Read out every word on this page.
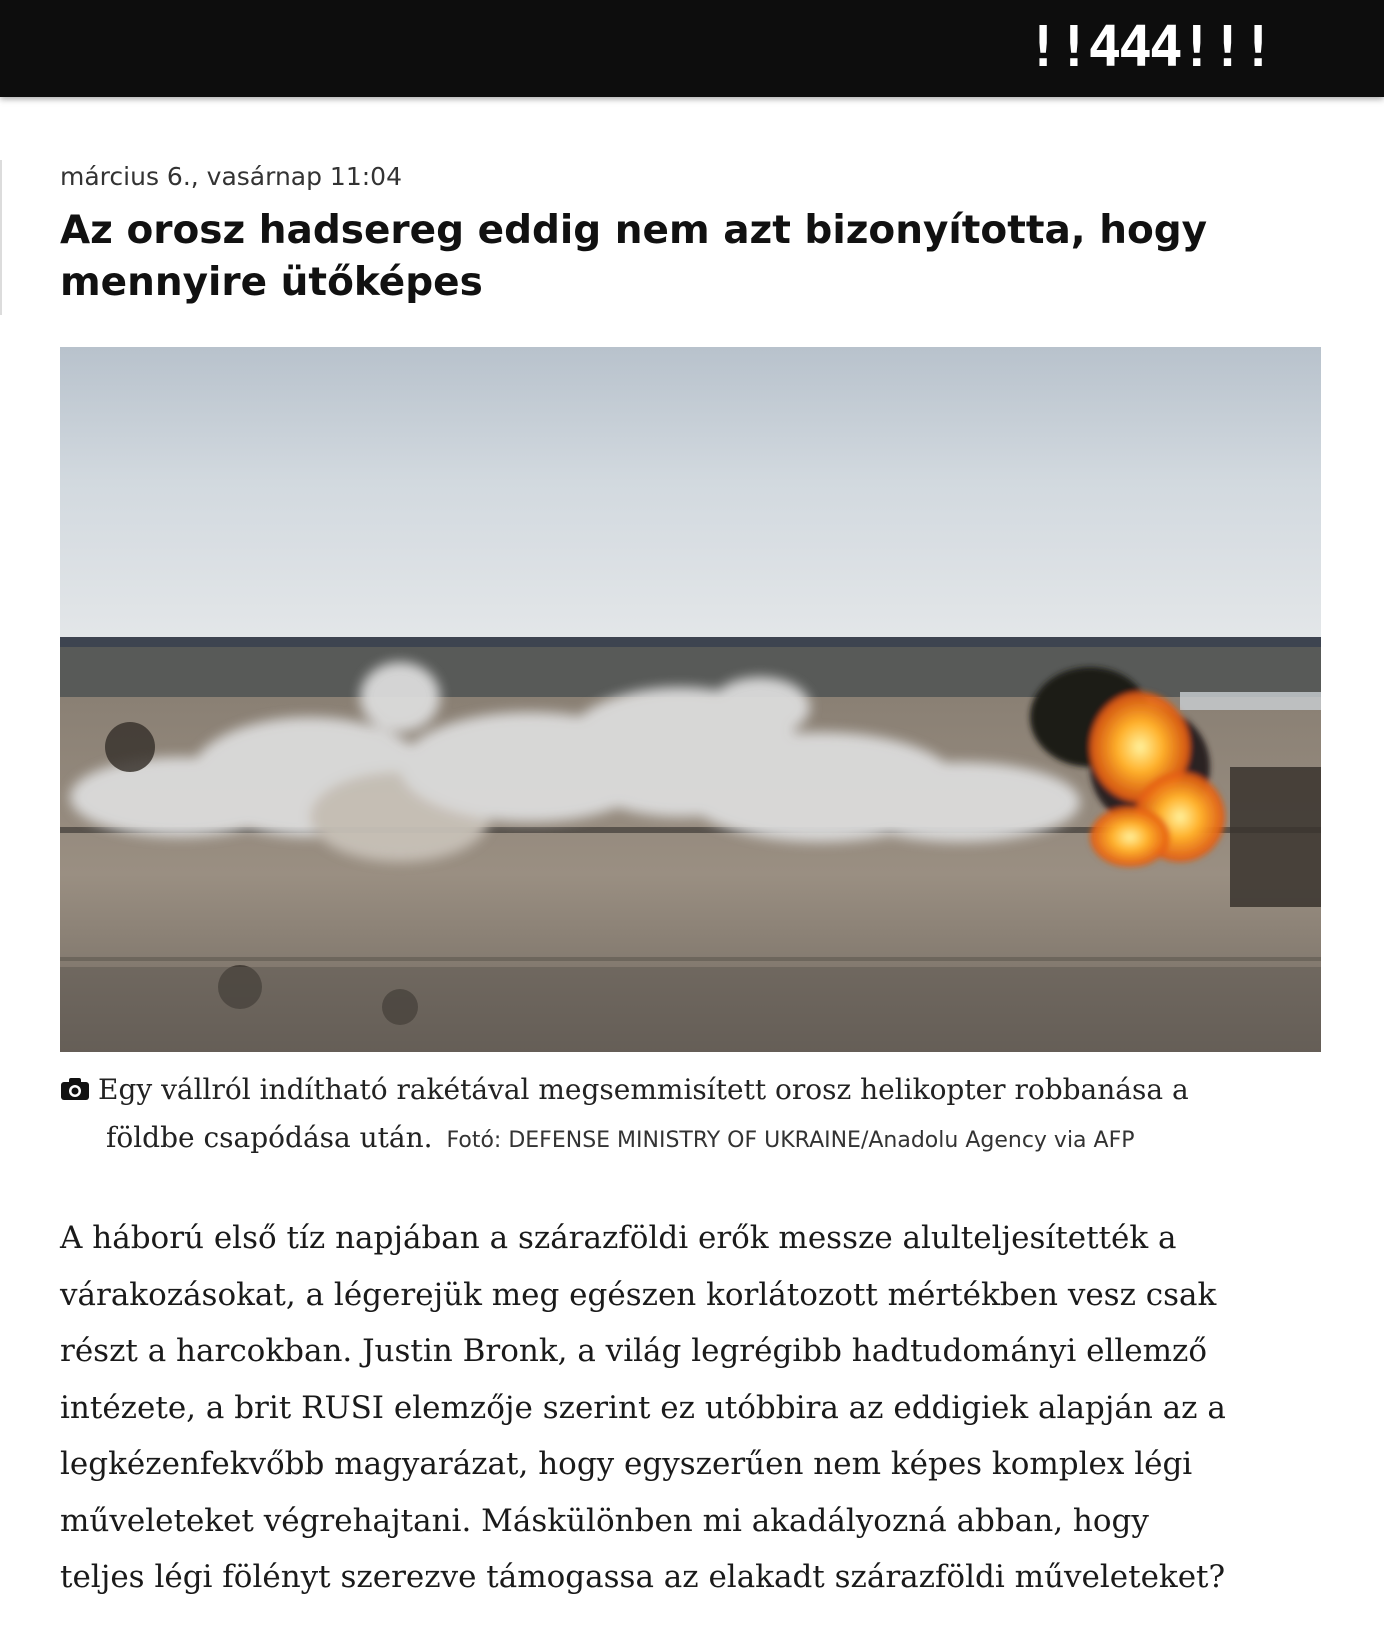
!!444!!!
március 6., vasárnap 11:04
Az orosz hadsereg eddig nem azt bizonyította, hogy mennyire ütőképes
Egy vállról indítható rakétával megsemmisített orosz helikopter robbanása a
földbe csapódása után. Fotó: DEFENSE MINISTRY OF UKRAINE/Anadolu Agency via AFP

A háború első tíz napjában a szárazföldi erők messze alulteljesítették a
várakozásokat, a légerejük meg egészen korlátozott mértékben vesz csak
részt a harcokban. Justin Bronk, a világ legrégibb hadtudományi ellemző
intézete, a brit RUSI elemzője szerint ez utóbbira az eddigiek alapján az a
legkézenfekvőbb magyarázat, hogy egyszerűen nem képes komplex légi
műveleteket végrehajtani. Máskülönben mi akadályozná abban, hogy
teljes légi fölényt szerezve támogassa az elakadt szárazföldi műveleteket?
